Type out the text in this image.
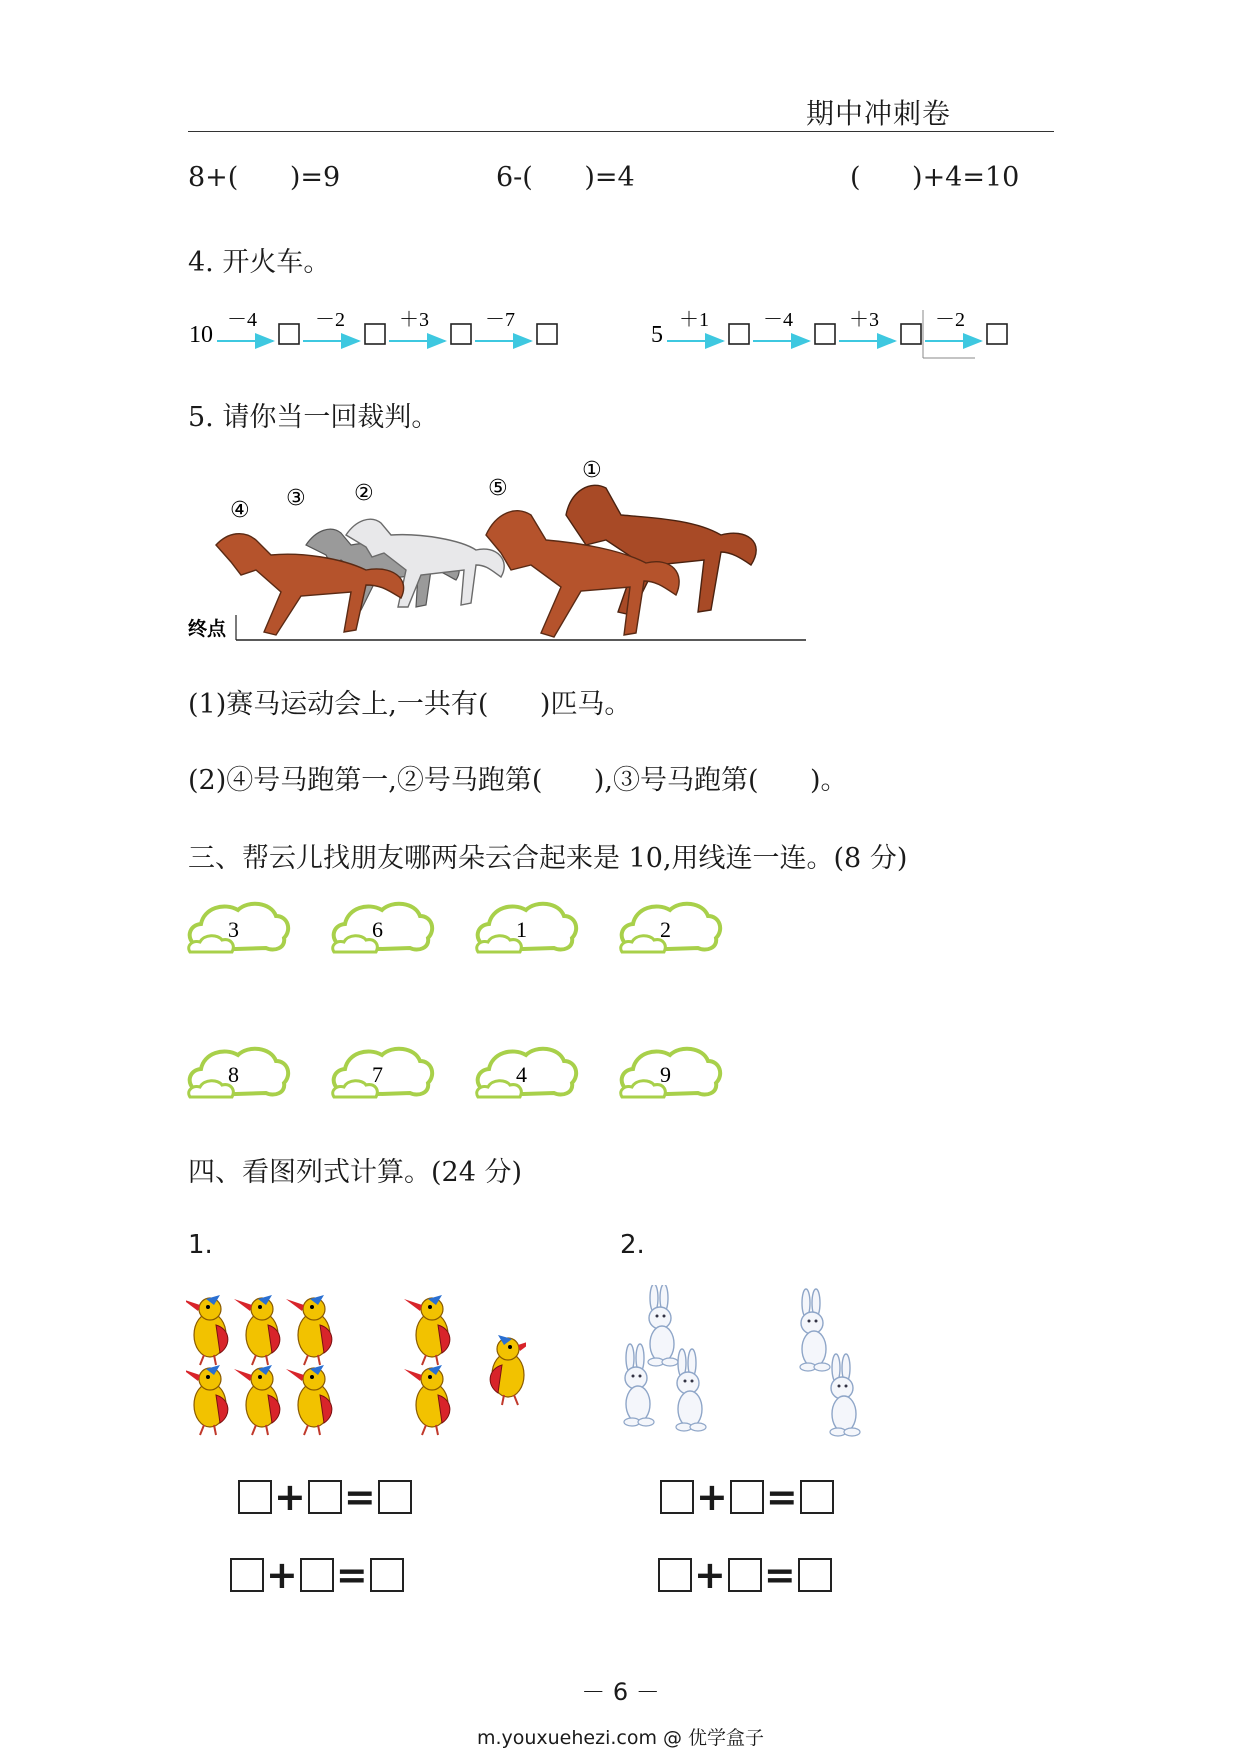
期中冲刺卷
8+(      )=9	6-(      )=4	(      )+4=10
4. 开火车。
10
－4	－2	＋3	－7
5
＋1	－4	＋3	－2
5. 请你当一回裁判。
终点
④ ③ ②	⑤
①
(1)赛马运动会上,一共有(      )匹马。
(2)④号马跑第一,②号马跑第(      ),③号马跑第(      )。
三、帮云儿找朋友哪两朵云合起来是 10,用线连一连。(8 分)
3	6	1	2
8	7	4	9
四、看图列式计算。(24 分)
1.	2.
+ =
+ =
+ =
+ =
－ 6 －
m.youxuehezi.com @ 优学盒子
